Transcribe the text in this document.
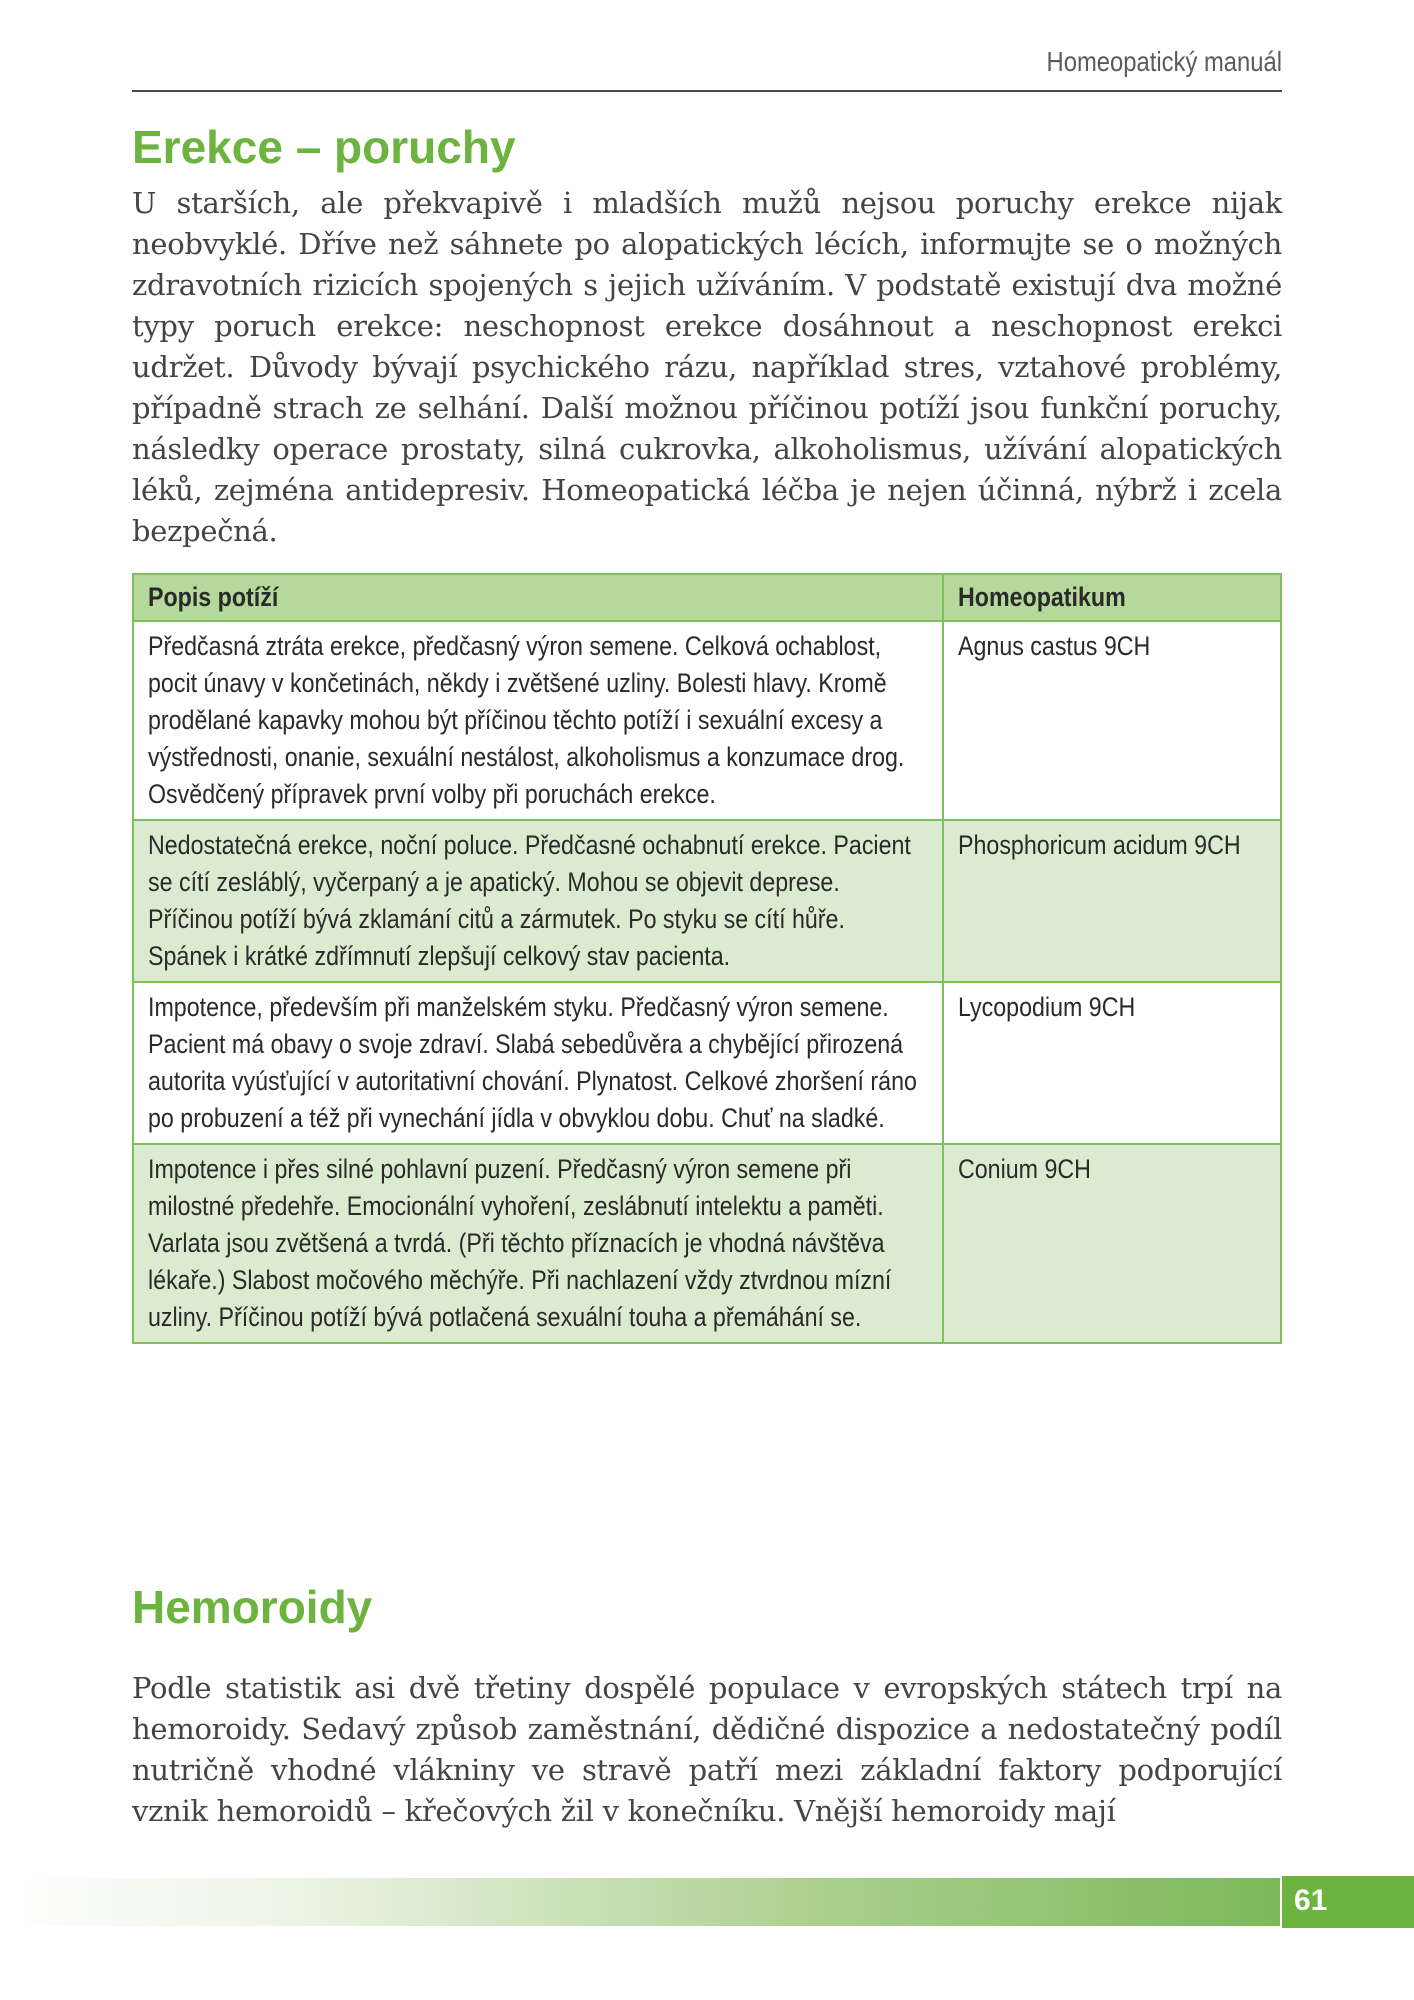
Homeopatický manuál
Erekce – poruchy

U starších, ale překvapivě i mladších mužů nejsou poruchy erekce nijak neobvyklé. Dříve než sáhnete po alopatických lécích, informujte se o možných zdravotních rizicích spojených s jejich užíváním. V podstatě existují dva možné typy poruch erekce: neschopnost erekce dosáhnout a neschopnost erekci udržet. Důvody bývají psychického rázu, například stres, vztahové problémy, případně strach ze selhání. Další možnou příčinou potíží jsou funkční poruchy, následky operace prostaty, silná cukrovka, alkoholismus, užívání alopatických léků, zejména antidepresiv. Homeopatická léčba je nejen účinná, nýbrž i zcela bezpečná.

Popis potíží	Homeopatikum

Předčasná ztráta erekce, předčasný výron semene. Celková ochablost, pocit únavy v končetinách, někdy i zvětšené uzliny. Bolesti hlavy. Kromě prodělané kapavky mohou být příčinou těchto potíží i sexuální excesy a výstřednosti, onanie, sexuální nestálost, alkoholismus a konzumace drog. Osvědčený přípravek první volby při poruchách erekce.	Agnus castus 9CH

Nedostatečná erekce, noční poluce. Předčasné ochabnutí erekce. Pacient se cítí zesláblý, vyčerpaný a je apatický. Mohou se objevit deprese. Příčinou potíží bývá zklamání citů a zármutek. Po styku se cítí hůře. Spánek i krátké zdřímnutí zlepšují celkový stav pacienta.	Phosphoricum acidum 9CH

Impotence, především při manželském styku. Předčasný výron semene. Pacient má obavy o svoje zdraví. Slabá sebedůvěra a chybějící přirozená autorita vyúsťující v autoritativní chování. Plynatost. Celkové zhoršení ráno po probuzení a též při vynechání jídla v obvyklou dobu. Chuť na sladké.	Lycopodium 9CH

Impotence i přes silné pohlavní puzení. Předčasný výron semene při milostné předehře. Emocionální vyhoření, zeslábnutí intelektu a paměti. Varlata jsou zvětšená a tvrdá. (Při těchto příznacích je vhodná návštěva lékaře.) Slabost močového měchýře. Při nachlazení vždy ztvrdnou mízní uzliny. Příčinou potíží bývá potlačená sexuální touha a přemáhání se.	Conium 9CH
Hemoroidy

Podle statistik asi dvě třetiny dospělé populace v evropských státech trpí na hemoroidy. Sedavý způsob zaměstnání, dědičné dispozice a nedostatečný podíl nutričně vhodné vlákniny ve stravě patří mezi základní faktory podporující vznik hemoroidů – křečových žil v konečníku. Vnější hemoroidy mají

61
